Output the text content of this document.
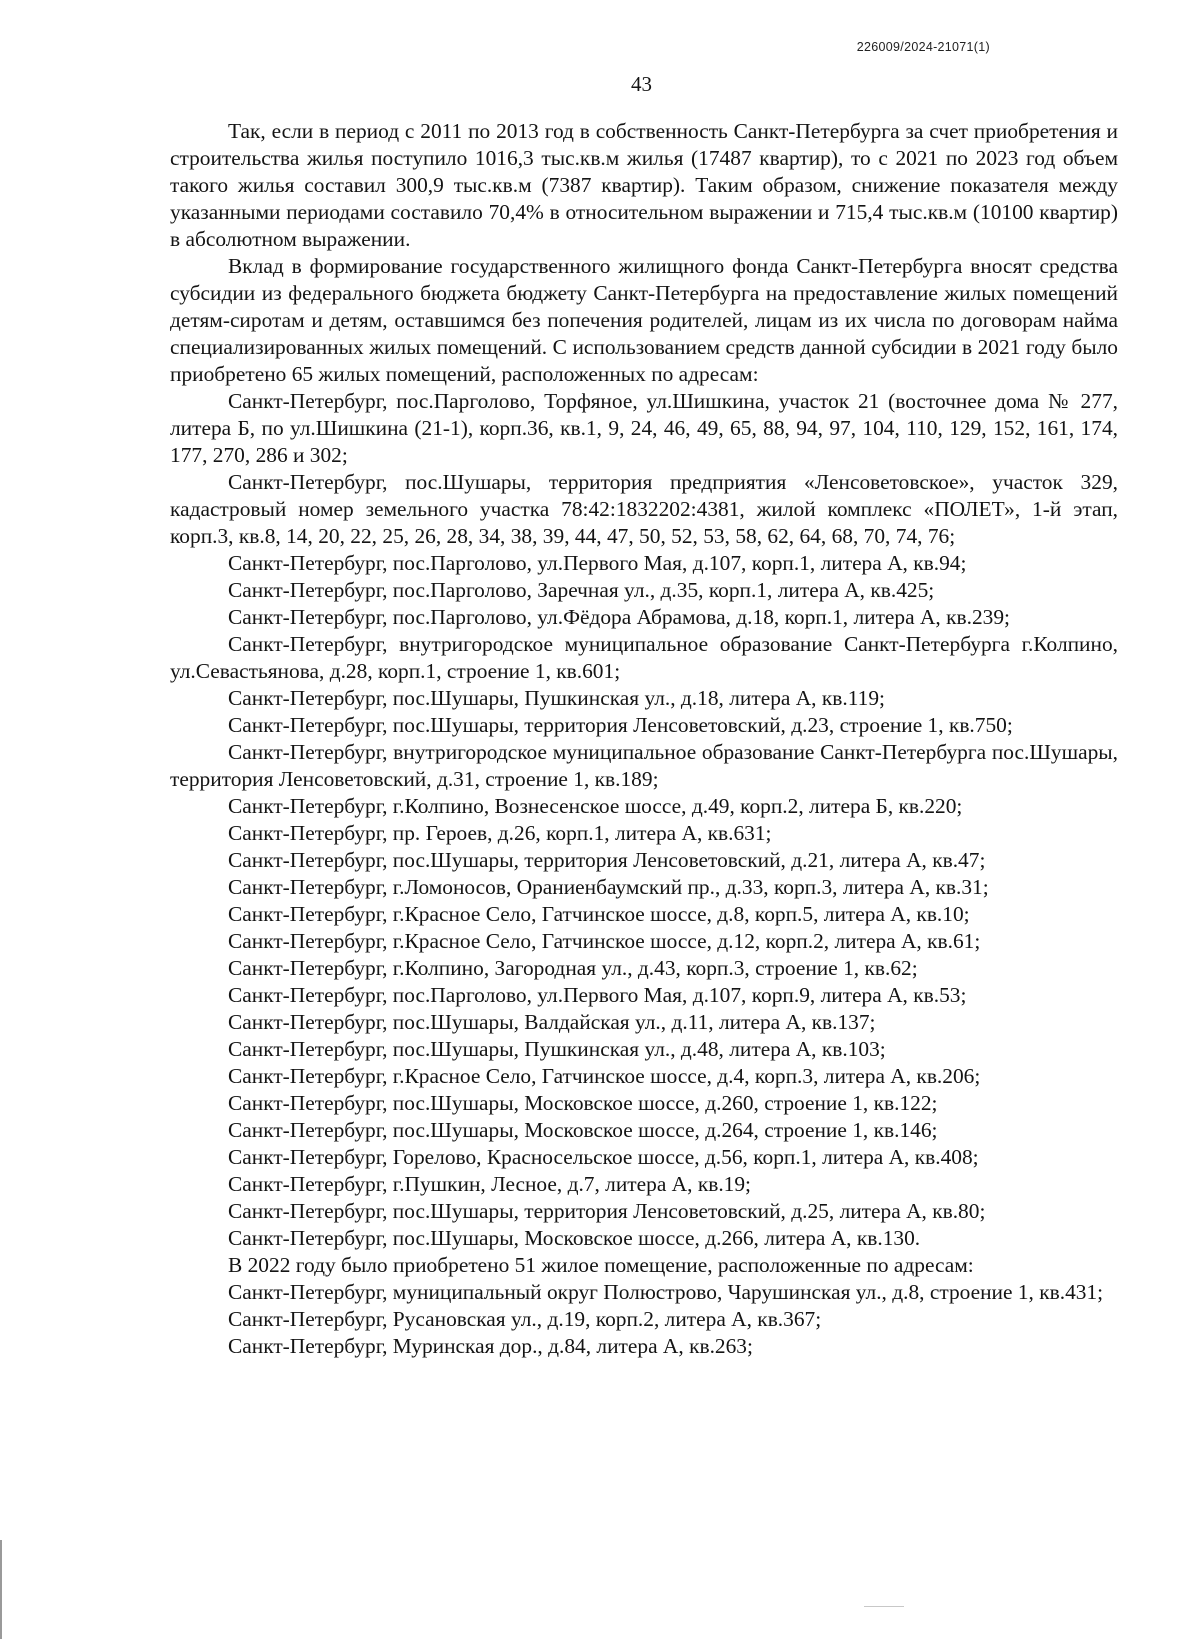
226009/2024-21071(1)
43

Так, если в период с 2011 по 2013 год в собственность Санкт-Петербурга за счет приобретения и строительства жилья поступило 1016,3 тыс.кв.м жилья (17487 квартир), то с 2021 по 2023 год объем такого жилья составил 300,9 тыс.кв.м (7387 квартир). Таким образом, снижение показателя между указанными периодами составило 70,4% в относительном выражении и 715,4 тыс.кв.м (10100 квартир) в абсолютном выражении.

Вклад в формирование государственного жилищного фонда Санкт-Петербурга вносят средства субсидии из федерального бюджета бюджету Санкт-Петербурга на предоставление жилых помещений детям-сиротам и детям, оставшимся без попечения родителей, лицам из их числа по договорам найма специализированных жилых помещений. С использованием средств данной субсидии в 2021 году было приобретено 65 жилых помещений, расположенных по адресам:

Санкт-Петербург, пос.Парголово, Торфяное, ул.Шишкина, участок 21 (восточнее дома № 277, литера Б, по ул.Шишкина (21-1), корп.36, кв.1, 9, 24, 46, 49, 65, 88, 94, 97, 104, 110, 129, 152, 161, 174, 177, 270, 286 и 302;

Санкт-Петербург, пос.Шушары, территория предприятия «Ленсоветовское», участок 329, кадастровый номер земельного участка 78:42:1832202:4381, жилой комплекс «ПОЛЕТ», 1-й этап, корп.3, кв.8, 14, 20, 22, 25, 26, 28, 34, 38, 39, 44, 47, 50, 52, 53, 58, 62, 64, 68, 70, 74, 76;

Санкт-Петербург, пос.Парголово, ул.Первого Мая, д.107, корп.1, литера А, кв.94;

Санкт-Петербург, пос.Парголово, Заречная ул., д.35, корп.1, литера А, кв.425;

Санкт-Петербург, пос.Парголово, ул.Фёдора Абрамова, д.18, корп.1, литера А, кв.239;

Санкт-Петербург, внутригородское муниципальное образование Санкт-Петербурга г.Колпино, ул.Севастьянова, д.28, корп.1, строение 1, кв.601;

Санкт-Петербург, пос.Шушары, Пушкинская ул., д.18, литера А, кв.119;

Санкт-Петербург, пос.Шушары, территория Ленсоветовский, д.23, строение 1, кв.750;

Санкт-Петербург, внутригородское муниципальное образование Санкт-Петербурга пос.Шушары, территория Ленсоветовский, д.31, строение 1, кв.189;

Санкт-Петербург, г.Колпино, Вознесенское шоссе, д.49, корп.2, литера Б, кв.220;

Санкт-Петербург, пр. Героев, д.26, корп.1, литера А, кв.631;

Санкт-Петербург, пос.Шушары, территория Ленсоветовский, д.21, литера А, кв.47;

Санкт-Петербург, г.Ломоносов, Ораниенбаумский пр., д.33, корп.3, литера А, кв.31;

Санкт-Петербург, г.Красное Село, Гатчинское шоссе, д.8, корп.5, литера А, кв.10;

Санкт-Петербург, г.Красное Село, Гатчинское шоссе, д.12, корп.2, литера А, кв.61;

Санкт-Петербург, г.Колпино, Загородная ул., д.43, корп.3, строение 1, кв.62;

Санкт-Петербург, пос.Парголово, ул.Первого Мая, д.107, корп.9, литера А, кв.53;

Санкт-Петербург, пос.Шушары, Валдайская ул., д.11, литера А, кв.137;

Санкт-Петербург, пос.Шушары, Пушкинская ул., д.48, литера А, кв.103;

Санкт-Петербург, г.Красное Село, Гатчинское шоссе, д.4, корп.3, литера А, кв.206;

Санкт-Петербург, пос.Шушары, Московское шоссе, д.260, строение 1, кв.122;

Санкт-Петербург, пос.Шушары, Московское шоссе, д.264, строение 1, кв.146;

Санкт-Петербург, Горелово, Красносельское шоссе, д.56, корп.1, литера А, кв.408;

Санкт-Петербург, г.Пушкин, Лесное, д.7, литера А, кв.19;

Санкт-Петербург, пос.Шушары, территория Ленсоветовский, д.25, литера А, кв.80;

Санкт-Петербург, пос.Шушары, Московское шоссе, д.266, литера А, кв.130.

В 2022 году было приобретено 51 жилое помещение, расположенные по адресам:

Санкт-Петербург, муниципальный округ Полюстрово, Чарушинская ул., д.8, строение 1, кв.431;

Санкт-Петербург, Русановская ул., д.19, корп.2, литера А, кв.367;

Санкт-Петербург, Муринская дор., д.84, литера А, кв.263;
